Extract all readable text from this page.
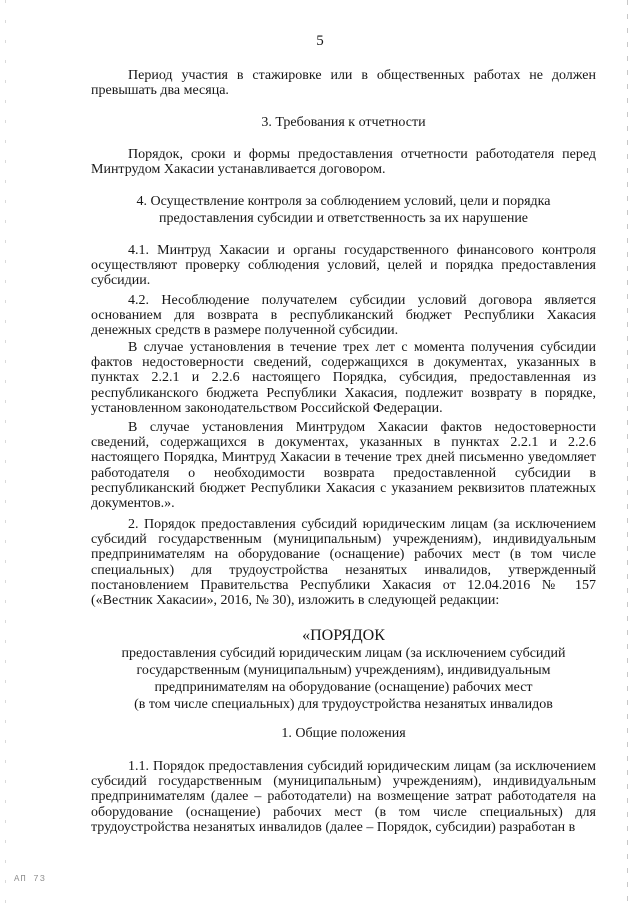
5

Период участия в стажировке или в общественных работах не должен превышать два месяца.

3. Требования к отчетности

Порядок, сроки и формы предоставления отчетности работодателя перед Минтрудом Хакасии устанавливается договором.

4. Осуществление контроля за соблюдением условий, цели и порядка
предоставления субсидии и ответственность за их нарушение

4.1. Минтруд Хакасии и органы государственного финансового контроля осуществляют проверку соблюдения условий, целей и порядка предоставления субсидии.

4.2. Несоблюдение получателем субсидии условий договора является основанием для возврата в республиканский бюджет Республики Хакасия денежных средств в размере полученной субсидии.

В случае установления в течение трех лет с момента получения субсидии фактов недостоверности сведений, содержащихся в документах, указанных в пунктах 2.2.1 и 2.2.6 настоящего Порядка, субсидия, предоставленная из республиканского бюджета Республики Хакасия, подлежит возврату в порядке, установленном законодательством Российской Федерации.

В случае установления Минтрудом Хакасии фактов недостоверности сведений, содержащихся в документах, указанных в пунктах 2.2.1 и 2.2.6 настоящего Порядка, Минтруд Хакасии в течение трех дней письменно уведомляет работодателя о необходимости возврата предоставленной субсидии в республиканский бюджет Республики Хакасия с указанием реквизитов платежных документов.».

2. Порядок предоставления субсидий юридическим лицам (за исключением субсидий государственным (муниципальным) учреждениям), индивидуальным предпринимателям на оборудование (оснащение) рабочих мест (в том числе специальных) для трудоустройства незанятых инвалидов, утвержденный постановлением Правительства Республики Хакасия от 12.04.2016 № 157 («Вестник Хакасии», 2016, № 30), изложить в следующей редакции:

«ПОРЯДОК
предоставления субсидий юридическим лицам (за исключением субсидий
государственным (муниципальным) учреждениям), индивидуальным
предпринимателям на оборудование (оснащение) рабочих мест
(в том числе специальных) для трудоустройства незанятых инвалидов
1. Общие положения

1.1. Порядок предоставления субсидий юридическим лицам (за исключением субсидий государственным (муниципальным) учреждениям), индивидуальным предпринимателям (далее – работодатели) на возмещение затрат работодателя на оборудование (оснащение) рабочих мест (в том числе специальных) для трудоустройства незанятых инвалидов (далее – Порядок, субсидии) разработан в

АП 73
